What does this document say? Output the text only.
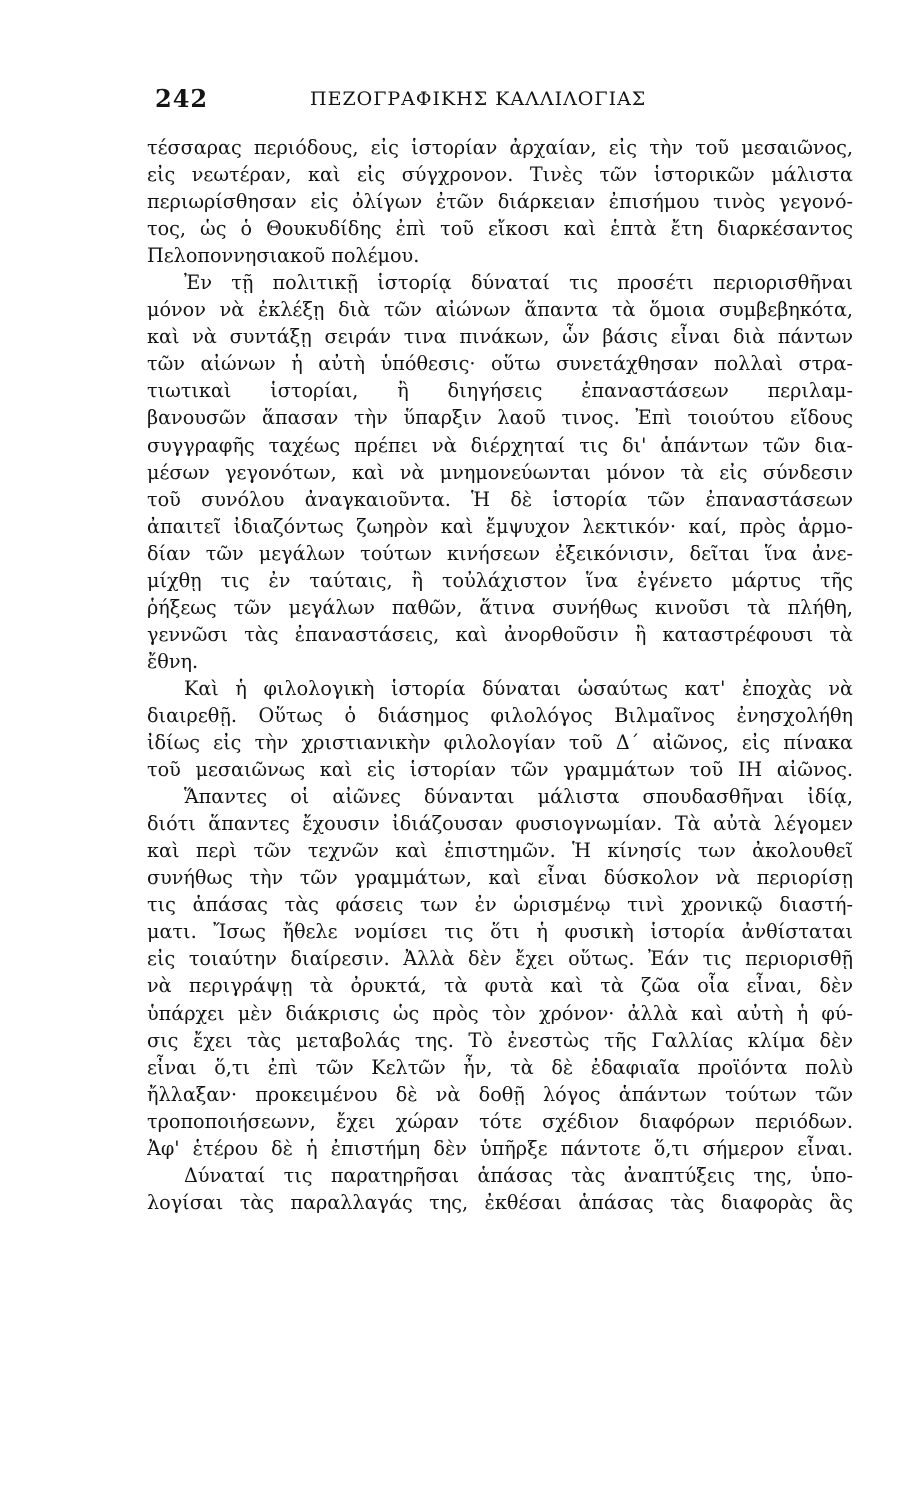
242	ΠΕΖΟΓΡΑΦΙΚΗΣ ΚΑΛΛΙΛΟΓΙΑΣ
τέσσαρας περιόδους, εἰς ἱστορίαν ἀρχαίαν, εἰς τὴν τοῦ μεσαιῶνος,
εἰς νεωτέραν, καὶ εἰς σύγχρονον. Τινὲς τῶν ἱστορικῶν μάλιστα
περιωρίσθησαν εἰς ὀλίγων ἐτῶν διάρκειαν ἐπισήμου τινὸς γεγονό-
τος, ὡς ὁ Θουκυδίδης ἐπὶ τοῦ εἴκοσι καὶ ἑπτὰ ἔτη διαρκέσαντος
Πελοποννησιακοῦ πολέμου.
Ἐν τῇ πολιτικῇ ἱστορίᾳ δύναταί τις προσέτι περιορισθῆναι
μόνον νὰ ἐκλέξῃ διὰ τῶν αἰώνων ἅπαντα τὰ ὅμοια συμβεβηκότα,
καὶ νὰ συντάξῃ σειράν τινα πινάκων, ὧν βάσις εἶναι διὰ πάντων
τῶν αἰώνων ἡ αὐτὴ ὑπόθεσις· οὕτω συνετάχθησαν πολλαὶ στρα-
τιωτικαὶ ἱστορίαι, ἢ διηγήσεις ἐπαναστάσεων περιλαμ-
βανουσῶν ἅπασαν τὴν ὕπαρξιν λαοῦ τινος. Ἐπὶ τοιούτου εἴδους
συγγραφῆς ταχέως πρέπει νὰ διέρχηταί τις δι' ἁπάντων τῶν δια-
μέσων γεγονότων, καὶ νὰ μνημονεύωνται μόνον τὰ εἰς σύνδεσιν
τοῦ συνόλου ἀναγκαιοῦντα. Ἡ δὲ ἱστορία τῶν ἐπαναστάσεων
ἀπαιτεῖ ἰδιαζόντως ζωηρὸν καὶ ἔμψυχον λεκτικόν· καί, πρὸς ἁρμο-
δίαν τῶν μεγάλων τούτων κινήσεων ἐξεικόνισιν, δεῖται ἵνα ἀνε-
μίχθῃ τις ἐν ταύταις, ἢ τοὐλάχιστον ἵνα ἐγένετο μάρτυς τῆς
ῥήξεως τῶν μεγάλων παθῶν, ἅτινα συνήθως κινοῦσι τὰ πλήθη,
γεννῶσι τὰς ἐπαναστάσεις, καὶ ἀνορθοῦσιν ἢ καταστρέφουσι τὰ
ἔθνη.
Καὶ ἡ φιλολογικὴ ἱστορία δύναται ὡσαύτως κατ' ἐποχὰς νὰ
διαιρεθῇ. Οὕτως ὁ διάσημος φιλολόγος Βιλμαῖνος ἐνησχολήθη
ἰδίως εἰς τὴν χριστιανικὴν φιλολογίαν τοῦ Δ΄ αἰῶνος, εἰς πίνακα
τοῦ μεσαιῶνως καὶ εἰς ἱστορίαν τῶν γραμμάτων τοῦ ΙΗ αἰῶνος.
Ἅπαντες οἱ αἰῶνες δύνανται μάλιστα σπουδασθῆναι ἰδίᾳ,
διότι ἅπαντες ἔχουσιν ἰδιάζουσαν φυσιογνωμίαν. Τὰ αὐτὰ λέγομεν
καὶ περὶ τῶν τεχνῶν καὶ ἐπιστημῶν. Ἡ κίνησίς των ἀκολουθεῖ
συνήθως τὴν τῶν γραμμάτων, καὶ εἶναι δύσκολον νὰ περιορίσῃ
τις ἁπάσας τὰς φάσεις των ἐν ὡρισμένῳ τινὶ χρονικῷ διαστή-
ματι. Ἴσως ἤθελε νομίσει τις ὅτι ἡ φυσικὴ ἱστορία ἀνθίσταται
εἰς τοιαύτην διαίρεσιν. Ἀλλὰ δὲν ἔχει οὕτως. Ἐάν τις περιορισθῇ
νὰ περιγράψῃ τὰ ὀρυκτά, τὰ φυτὰ καὶ τὰ ζῶα οἷα εἶναι, δὲν
ὑπάρχει μὲν διάκρισις ὡς πρὸς τὸν χρόνον· ἀλλὰ καὶ αὐτὴ ἡ φύ-
σις ἔχει τὰς μεταβολάς της. Τὸ ἐνεστὼς τῆς Γαλλίας κλίμα δὲν
εἶναι ὅ,τι ἐπὶ τῶν Κελτῶν ἦν, τὰ δὲ ἐδαφιαῖα προϊόντα πολὺ
ἤλλαξαν· προκειμένου δὲ νὰ δοθῇ λόγος ἁπάντων τούτων τῶν
τροποποιήσεωνν, ἔχει χώραν τότε σχέδιον διαφόρων περιόδων.
Ἀφ' ἑτέρου δὲ ἡ ἐπιστήμη δὲν ὑπῆρξε πάντοτε ὅ,τι σήμερον εἶναι.
Δύναταί τις παρατηρῆσαι ἁπάσας τὰς ἀναπτύξεις της, ὑπο-
λογίσαι τὰς παραλλαγάς της, ἐκθέσαι ἁπάσας τὰς διαφορὰς ἃς
